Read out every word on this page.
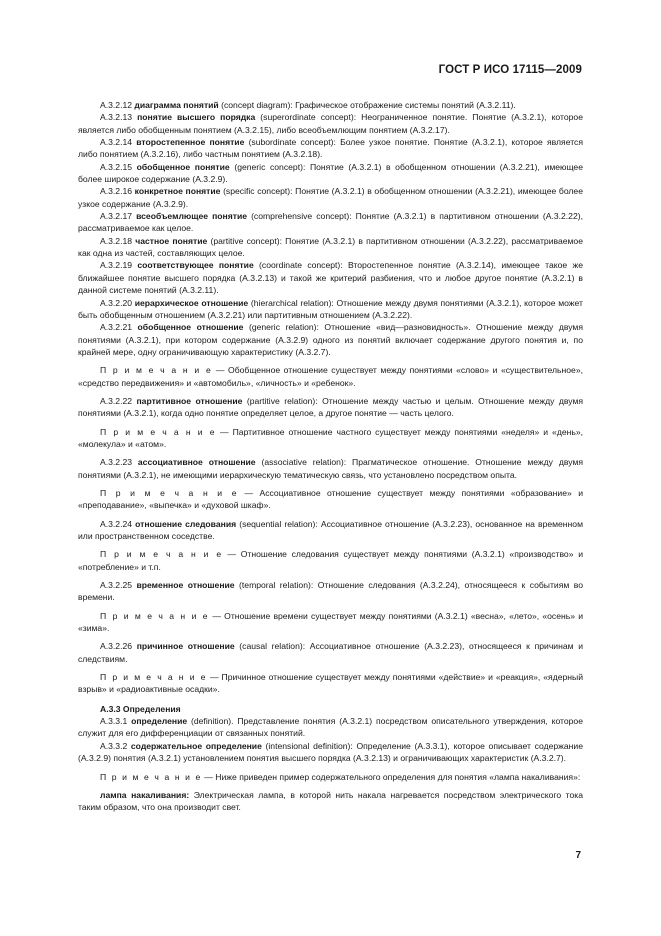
ГОСТ Р ИСО 17115—2009

A.3.2.12 диаграмма понятий (concept diagram): Графическое отображение системы понятий (A.3.2.11).

A.3.2.13 понятие высшего порядка (superordinate concept): Неограниченное понятие. Понятие (A.3.2.1), которое является либо обобщенным понятием (A.3.2.15), либо всеобъемлющим понятием (A.3.2.17).

A.3.2.14 второстепенное понятие (subordinate concept): Более узкое понятие. Понятие (A.3.2.1), которое является либо понятием (A.3.2.16), либо частным понятием (A.3.2.18).

A.3.2.15 обобщенное понятие (generic concept): Понятие (A.3.2.1) в обобщенном отношении (A.3.2.21), имеющее более широкое содержание (A.3.2.9).

A.3.2.16 конкретное понятие (specific concept): Понятие (A.3.2.1) в обобщенном отношении (A.3.2.21), имеющее более узкое содержание (A.3.2.9).

A.3.2.17 всеобъемлющее понятие (comprehensive concept): Понятие (A.3.2.1) в партитивном отношении (A.3.2.22), рассматриваемое как целое.

A.3.2.18 частное понятие (partitive concept): Понятие (A.3.2.1) в партитивном отношении (A.3.2.22), рассматриваемое как одна из частей, составляющих целое.

A.3.2.19 соответствующее понятие (coordinate concept): Второстепенное понятие (A.3.2.14), имеющее такое же ближайшее понятие высшего порядка (A.3.2.13) и такой же критерий разбиения, что и любое другое понятие (A.3.2.1) в данной системе понятий (A.3.2.11).

A.3.2.20 иерархическое отношение (hierarchical relation): Отношение между двумя понятиями (A.3.2.1), которое может быть обобщенным отношением (A.3.2.21) или партитивным отношением (A.3.2.22).

A.3.2.21 обобщенное отношение (generic relation): Отношение «вид—разновидность». Отношение между двумя понятиями (A.3.2.1), при котором содержание (A.3.2.9) одного из понятий включает содержание другого понятия и, по крайней мере, одну ограничивающую характеристику (A.3.2.7).

П р и м е ч а н и е — Обобщенное отношение существует между понятиями «слово» и «существительное», «средство передвижения» и «автомобиль», «личность» и «ребенок».

A.3.2.22 партитивное отношение (partitive relation): Отношение между частью и целым. Отношение между двумя понятиями (A.3.2.1), когда одно понятие определяет целое, а другое понятие — часть целого.

П р и м е ч а н и е — Партитивное отношение частного существует между понятиями «неделя» и «день», «молекула» и «атом».

A.3.2.23 ассоциативное отношение (associative relation): Прагматическое отношение. Отношение между двумя понятиями (A.3.2.1), не имеющими иерархическую тематическую связь, что установлено посредством опыта.

П р и м е ч а н и е — Ассоциативное отношение существует между понятиями «образование» и «преподавание», «выпечка» и «духовой шкаф».

A.3.2.24 отношение следования (sequential relation): Ассоциативное отношение (A.3.2.23), основанное на временном или пространственном соседстве.

П р и м е ч а н и е — Отношение следования существует между понятиями (A.3.2.1) «производство» и «потребление» и т.п.

A.3.2.25 временное отношение (temporal relation): Отношение следования (A.3.2.24), относящееся к событиям во времени.

П р и м е ч а н и е — Отношение времени существует между понятиями (A.3.2.1) «весна», «лето», «осень» и «зима».

A.3.2.26 причинное отношение (causal relation): Ассоциативное отношение (A.3.2.23), относящееся к причинам и следствиям.

П р и м е ч а н и е — Причинное отношение существует между понятиями «действие» и «реакция», «ядерный взрыв» и «радиоактивные осадки».

A.3.3 Определения

A.3.3.1 определение (definition). Представление понятия (A.3.2.1) посредством описательного утверждения, которое служит для его дифференциации от связанных понятий.

A.3.3.2 содержательное определение (intensional definition): Определение (A.3.3.1), которое описывает содержание (A.3.2.9) понятия (A.3.2.1) установлением понятия высшего порядка (A.3.2.13) и ограничивающих характеристик (A.3.2.7).

П р и м е ч а н и е — Ниже приведен пример содержательного определения для понятия «лампа накаливания»:

лампа накаливания: Электрическая лампа, в которой нить накала нагревается посредством электрического тока таким образом, что она производит свет.

7
